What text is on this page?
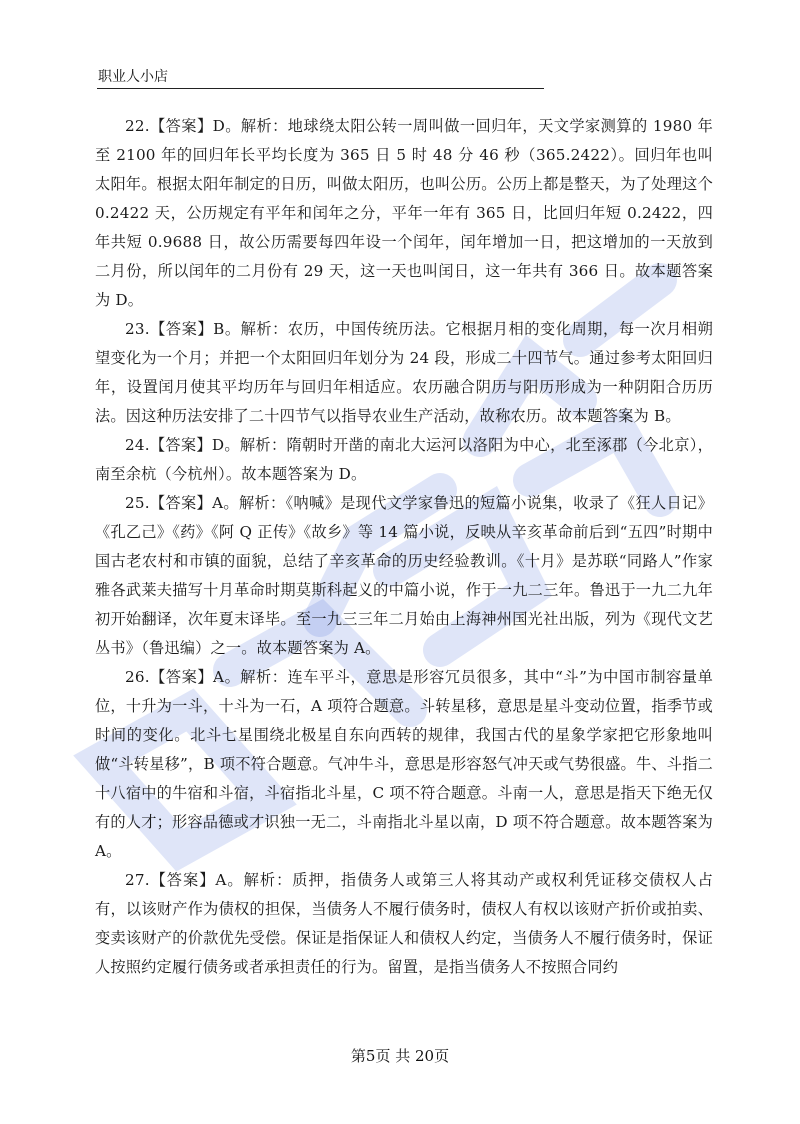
职业人小店

22.【答案】D。解析：地球绕太阳公转一周叫做一回归年，天文学家测算的 1980 年至 2100 年的回归年长平均长度为 365 日 5 时 48 分 46 秒（365.2422）。回归年也叫太阳年。根据太阳年制定的日历，叫做太阳历，也叫公历。公历上都是整天，为了处理这个 0.2422 天，公历规定有平年和闰年之分，平年一年有 365 日，比回归年短 0.2422，四年共短 0.9688 日，故公历需要每四年设一个闰年，闰年增加一日，把这增加的一天放到二月份，所以闰年的二月份有 29 天，这一天也叫闰日，这一年共有 366 日。故本题答案为 D。

23.【答案】B。解析：农历，中国传统历法。它根据月相的变化周期，每一次月相朔望变化为一个月；并把一个太阳回归年划分为 24 段，形成二十四节气。通过参考太阳回归年，设置闰月使其平均历年与回归年相适应。农历融合阴历与阳历形成为一种阴阳合历历法。因这种历法安排了二十四节气以指导农业生产活动，故称农历。故本题答案为 B。

24.【答案】D。解析：隋朝时开凿的南北大运河以洛阳为中心，北至涿郡（今北京），南至余杭（今杭州）。故本题答案为 D。

25.【答案】A。解析：《呐喊》是现代文学家鲁迅的短篇小说集，收录了《狂人日记》《孔乙己》《药》《阿 Q 正传》《故乡》等 14 篇小说，反映从辛亥革命前后到“五四”时期中国古老农村和市镇的面貌，总结了辛亥革命的历史经验教训。《十月》是苏联“同路人”作家雅各武莱夫描写十月革命时期莫斯科起义的中篇小说，作于一九二三年。鲁迅于一九二九年初开始翻译，次年夏末译毕。至一九三三年二月始由上海神州国光社出版，列为《现代文艺丛书》（鲁迅编）之一。故本题答案为 A。

26.【答案】A。解析：连车平斗，意思是形容冗员很多，其中“斗”为中国市制容量单位，十升为一斗，十斗为一石，A 项符合题意。斗转星移，意思是星斗变动位置，指季节或时间的变化。北斗七星围绕北极星自东向西转的规律，我国古代的星象学家把它形象地叫做“斗转星移”，B 项不符合题意。气冲牛斗，意思是形容怒气冲天或气势很盛。牛、斗指二十八宿中的牛宿和斗宿，斗宿指北斗星，C 项不符合题意。斗南一人，意思是指天下绝无仅有的人才；形容品德或才识独一无二，斗南指北斗星以南，D 项不符合题意。故本题答案为 A。

27.【答案】A。解析：质押，指债务人或第三人将其动产或权利凭证移交债权人占有，以该财产作为债权的担保，当债务人不履行债务时，债权人有权以该财产折价或拍卖、变卖该财产的价款优先受偿。保证是指保证人和债权人约定，当债务人不履行债务时，保证人按照约定履行债务或者承担责任的行为。留置，是指当债务人不按照合同约

第5页 共 20页
